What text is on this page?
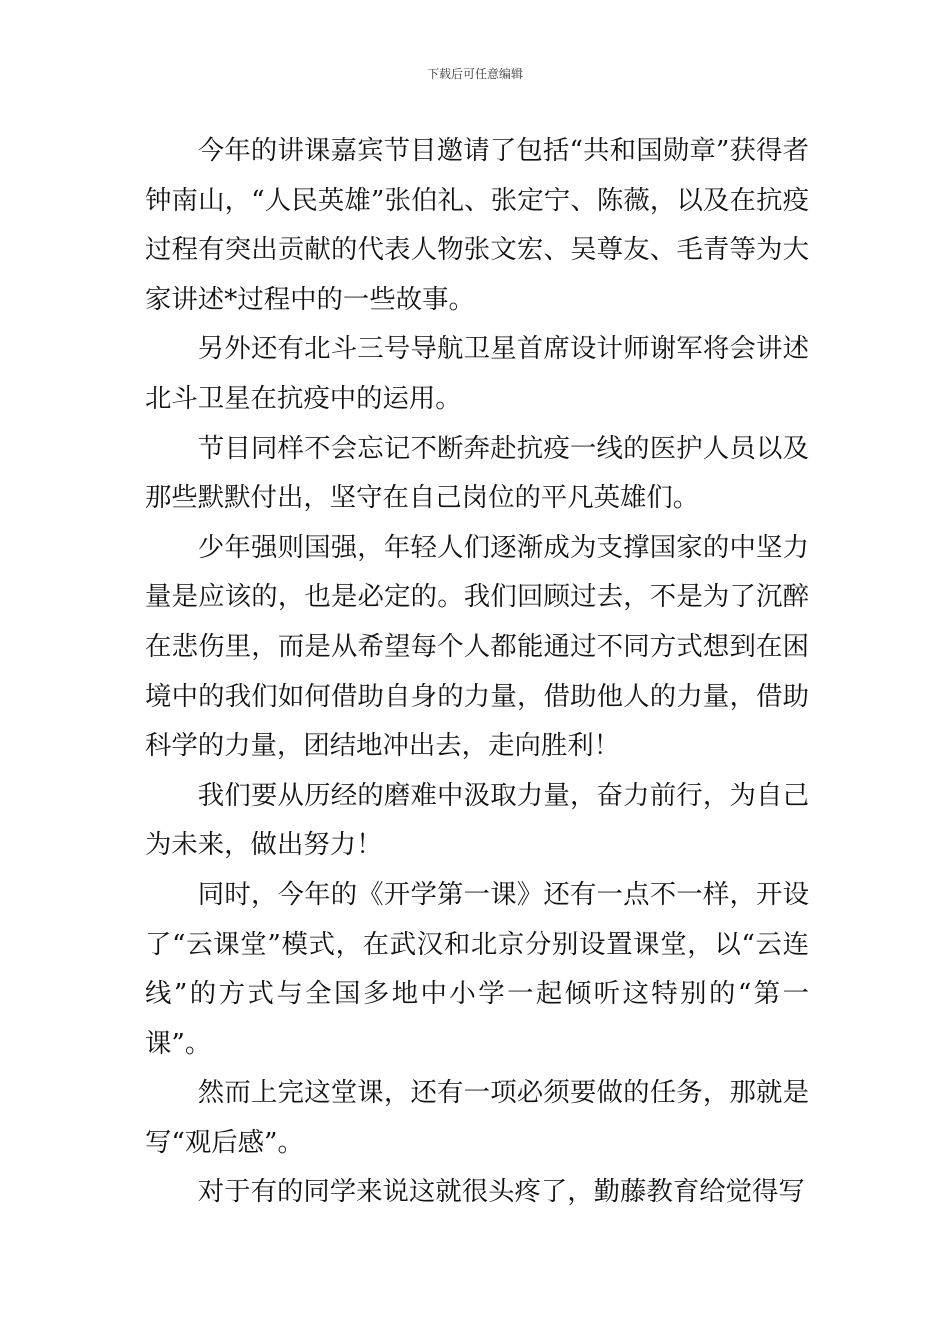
下载后可任意编辑

今年的讲课嘉宾节目邀请了包括“共和国勋章”获得者钟南山，“人民英雄”张伯礼、张定宁、陈薇，以及在抗疫过程有突出贡献的代表人物张文宏、吴尊友、毛青等为大家讲述*过程中的一些故事。

另外还有北斗三号导航卫星首席设计师谢军将会讲述北斗卫星在抗疫中的运用。

节目同样不会忘记不断奔赴抗疫一线的医护人员以及那些默默付出，坚守在自己岗位的平凡英雄们。

少年强则国强，年轻人们逐渐成为支撑国家的中坚力量是应该的，也是必定的。我们回顾过去，不是为了沉醉在悲伤里，而是从希望每个人都能通过不同方式想到在困境中的我们如何借助自身的力量，借助他人的力量，借助科学的力量，团结地冲出去，走向胜利！

我们要从历经的磨难中汲取力量，奋力前行，为自己为未来，做出努力！

同时，今年的《开学第一课》还有一点不一样，开设了“云课堂”模式，在武汉和北京分别设置课堂，以“云连线”的方式与全国多地中小学一起倾听这特别的“第一课”。

然而上完这堂课，还有一项必须要做的任务，那就是写“观后感”。

对于有的同学来说这就很头疼了，勤藤教育给觉得写
